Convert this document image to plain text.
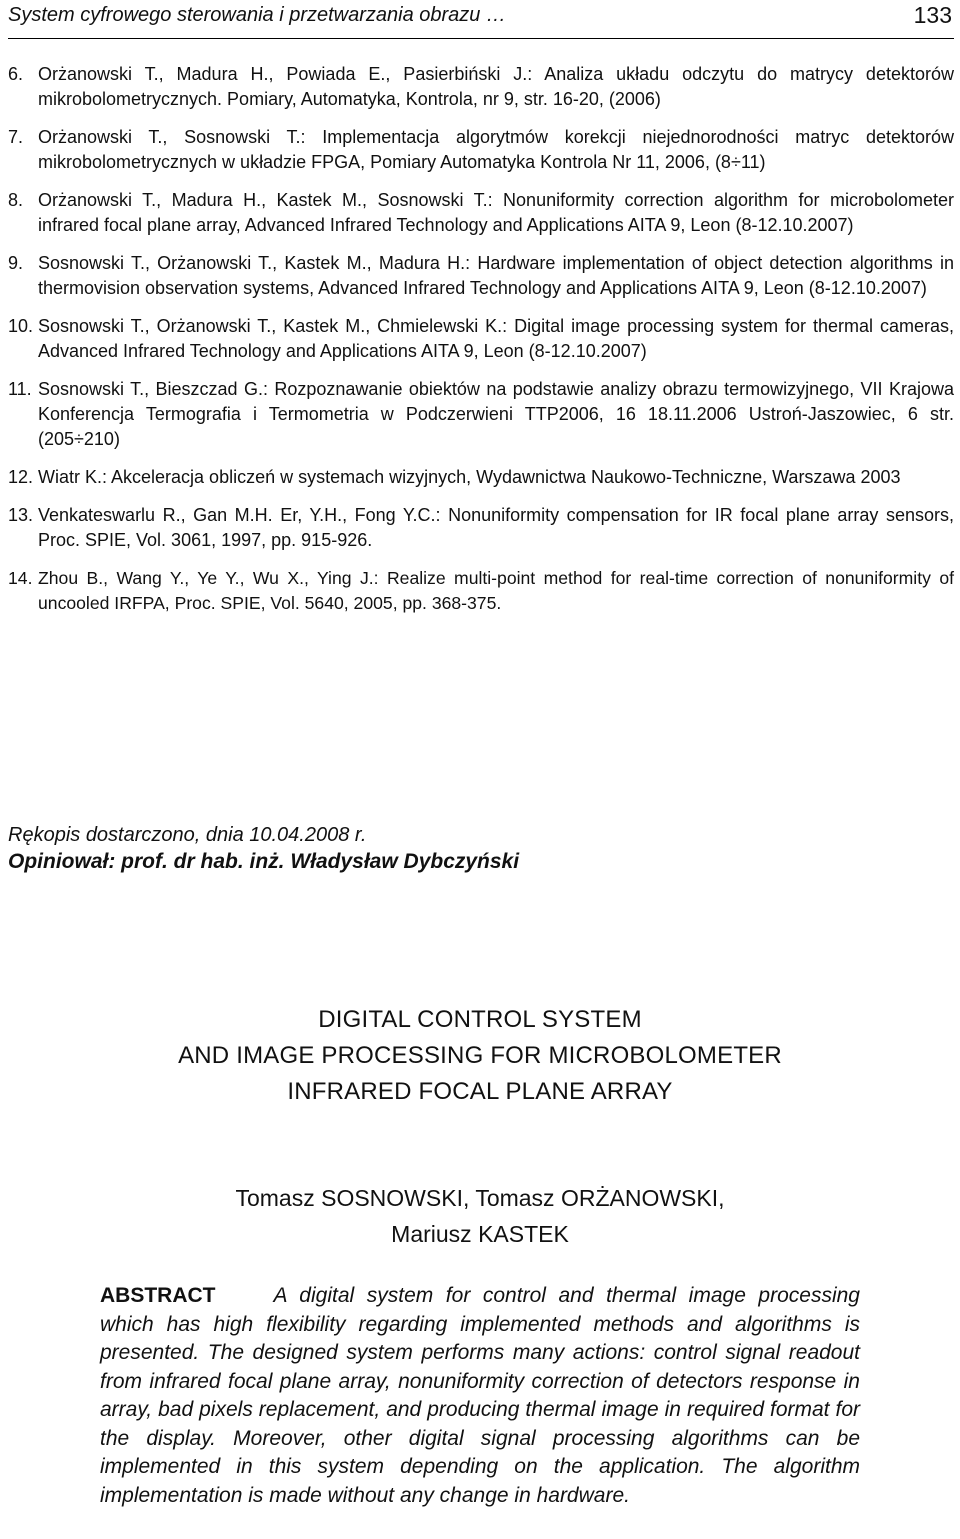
System cyfrowego sterowania i przetwarzania obrazu …	133
6. Orżanowski T., Madura H., Powiada E., Pasierbiński J.: Analiza układu odczytu do matrycy detektorów mikrobolometrycznych. Pomiary, Automatyka, Kontrola, nr 9, str. 16-20, (2006)
7. Orżanowski T., Sosnowski T.: Implementacja algorytmów korekcji niejednorodności matryc detektorów mikrobolometrycznych w układzie FPGA, Pomiary Automatyka Kontrola Nr 11, 2006, (8÷11)
8. Orżanowski T., Madura H., Kastek M., Sosnowski T.: Nonuniformity correction algorithm for microbolometer infrared focal plane array, Advanced Infrared Technology and Applications AITA 9, Leon (8-12.10.2007)
9. Sosnowski T., Orżanowski T., Kastek M., Madura H.: Hardware implementation of object detection algorithms in thermovision observation systems, Advanced Infrared Technology and Applications AITA 9, Leon (8-12.10.2007)
10. Sosnowski T., Orżanowski T., Kastek M., Chmielewski K.: Digital image processing system for thermal cameras, Advanced Infrared Technology and Applications AITA 9, Leon (8-12.10.2007)
11. Sosnowski T., Bieszczad G.: Rozpoznawanie obiektów na podstawie analizy obrazu termowizyjnego, VII Krajowa Konferencja Termografia i Termometria w Podczerwieni TTP2006, 16 18.11.2006 Ustroń-Jaszowiec, 6 str. (205÷210)
12. Wiatr K.: Akceleracja obliczeń w systemach wizyjnych, Wydawnictwa Naukowo-Techniczne, Warszawa 2003
13. Venkateswarlu R., Gan M.H. Er, Y.H., Fong Y.C.: Nonuniformity compensation for IR focal plane array sensors, Proc. SPIE, Vol. 3061, 1997, pp. 915-926.
14. Zhou B., Wang Y., Ye Y., Wu X., Ying J.: Realize multi-point method for real-time correction of nonuniformity of uncooled IRFPA, Proc. SPIE, Vol. 5640, 2005, pp. 368-375.
Rękopis dostarczono, dnia 10.04.2008 r.
Opiniował: prof. dr hab. inż. Władysław Dybczyński
DIGITAL CONTROL SYSTEM
AND IMAGE PROCESSING FOR MICROBOLOMETER
INFRARED FOCAL PLANE ARRAY
Tomasz SOSNOWSKI, Tomasz ORŻANOWSKI,
Mariusz KASTEK
ABSTRACT	A digital system for control and thermal image processing which has high flexibility regarding implemented methods and algorithms is presented. The designed system performs many actions: control signal readout from infrared focal plane array, nonuniformity correction of detectors response in array, bad pixels replacement, and producing thermal image in required format for the display. Moreover, other digital signal processing algorithms can be implemented in this system depending on the application. The algorithm implementation is made without any change in hardware.
